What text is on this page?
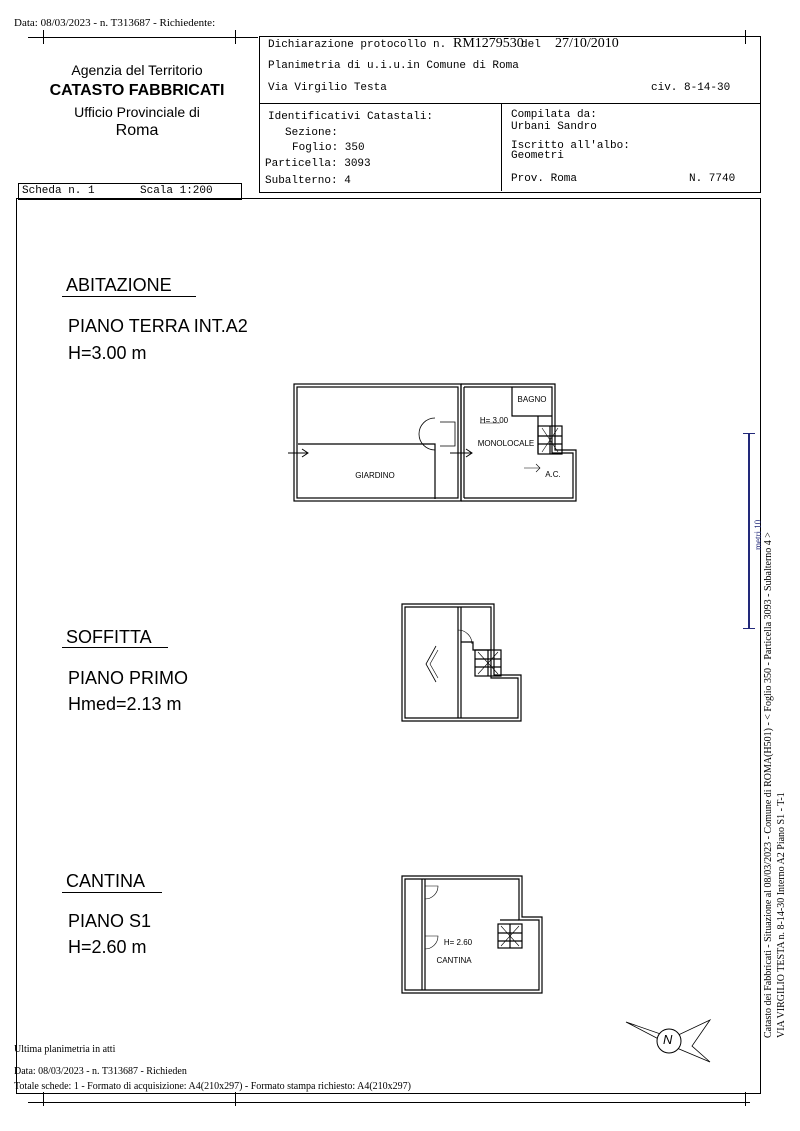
Data: 08/03/2023 - n. T313687 - Richiedente:
Agenzia del Territorio
CATASTO FABBRICATI
Ufficio Provinciale di
Roma
Scheda n. 1	Scala 1:200
Dichiarazione protocollo n. RM1279530
del 27/10/2010
Planimetria di u.i.u.in Comune di Roma
Via Virgilio Testa	civ. 8-14-30
Identificativi Catastali:
Sezione:
Foglio: 350
Particella: 3093
Subalterno: 4
Compilata da:
Urbani Sandro
Iscritto all'albo:
Geometri
Prov. Roma	N. 7740
ABITAZIONE
PIANO TERRA INT.A2
H=3.00 m
SOFFITTA
PIANO PRIMO
Hmed=2.13 m
CANTINA
PIANO S1
H=2.60 m
BAGNO
H= 3.00
MONOLOCALE
A.C.
GIARDINO
H= 2.60
CANTINA
metri 10 Catasto dei Fabbricati - Situazione al 08/03/2023 - Comune di ROMA(H501) - < Foglio 350 - Particella 3093 - Subalterno 4 > VIA VIRGILIO TESTA n. 8-14-30 Interno A2 Piano S1 - T-1
N
Ultima planimetria in atti
Data: 08/03/2023 - n. T313687 - Richieden
Totale schede: 1 - Formato di acquisizione: A4(210x297) - Formato stampa richiesto: A4(210x297)
